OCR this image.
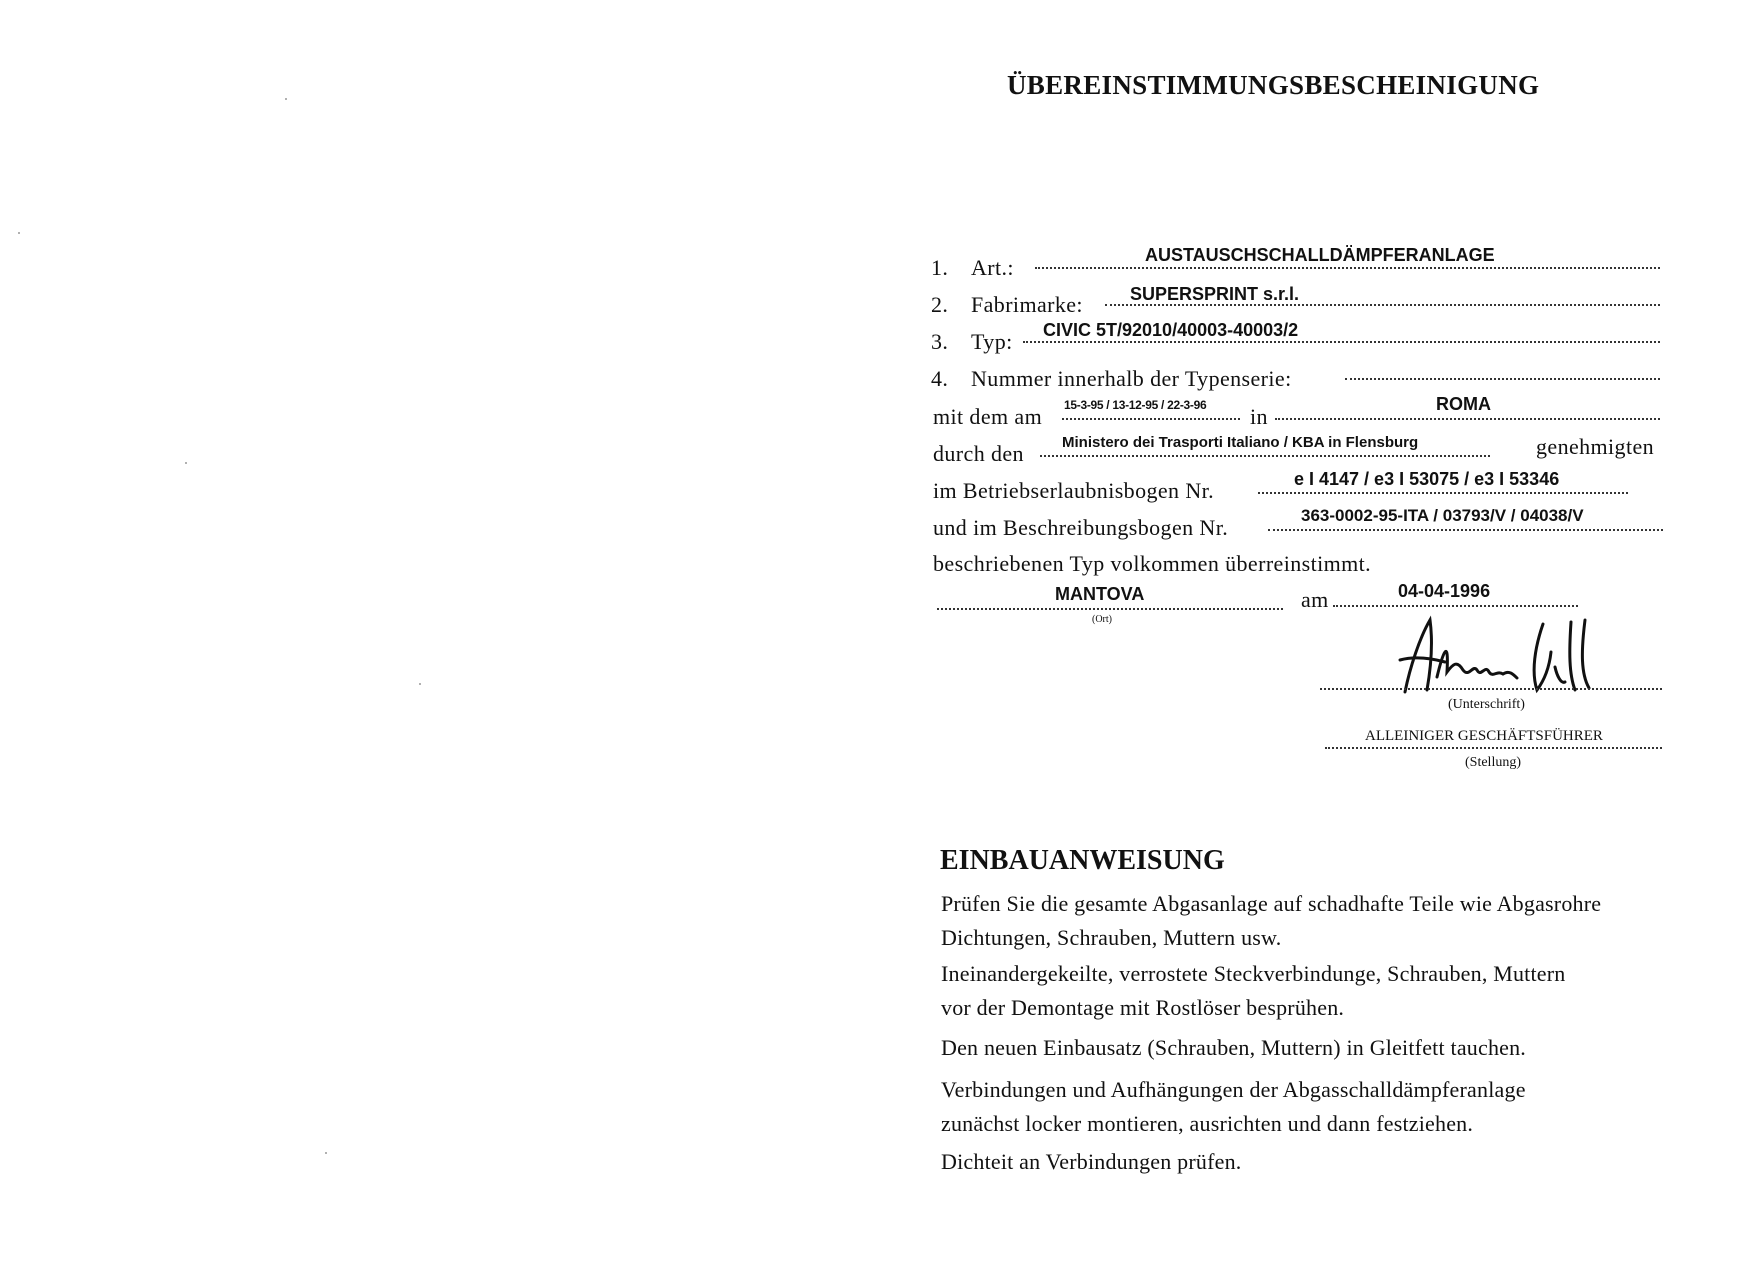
ÜBEREINSTIMMUNGSBESCHEINIGUNG
1. Art.:	AUSTAUSCHSCHALLDÄMPFERANLAGE
2. Fabrimarke:	SUPERSPRINT s.r.l.
3. Typ: CIVIC 5T/92010/40003-40003/2
4. Nummer innerhalb der Typenserie:
mit dem am 15-3-95 / 13-12-95 / 22-3-96 in	ROMA
durch den	Ministero dei Trasporti Italiano / KBA in Flensburg	genehmigten
im Betriebserlaubnisbogen Nr.	e I 4147 / e3 I 53075 / e3 I 53346
und im Beschreibungsbogen Nr.	363-0002-95-ITA / 03793/V / 04038/V
beschriebenen Typ volkommen überreinstimmt.
MANTOVA
(Ort)
am	04-04-1996
(Unterschrift)
ALLEINIGER GESCHÄFTSFÜHRER
(Stellung)
EINBAUANWEISUNG
Prüfen Sie die gesamte Abgasanlage auf schadhafte Teile wie Abgasrohre
Dichtungen, Schrauben, Muttern usw.
Ineinandergekeilte, verrostete Steckverbindunge, Schrauben, Muttern
vor der Demontage mit Rostlöser besprühen.
Den neuen Einbausatz (Schrauben, Muttern) in Gleitfett tauchen.
Verbindungen und Aufhängungen der Abgasschalldämpferanlage
zunächst locker montieren, ausrichten und dann festziehen.
Dichteit an Verbindungen prüfen.
